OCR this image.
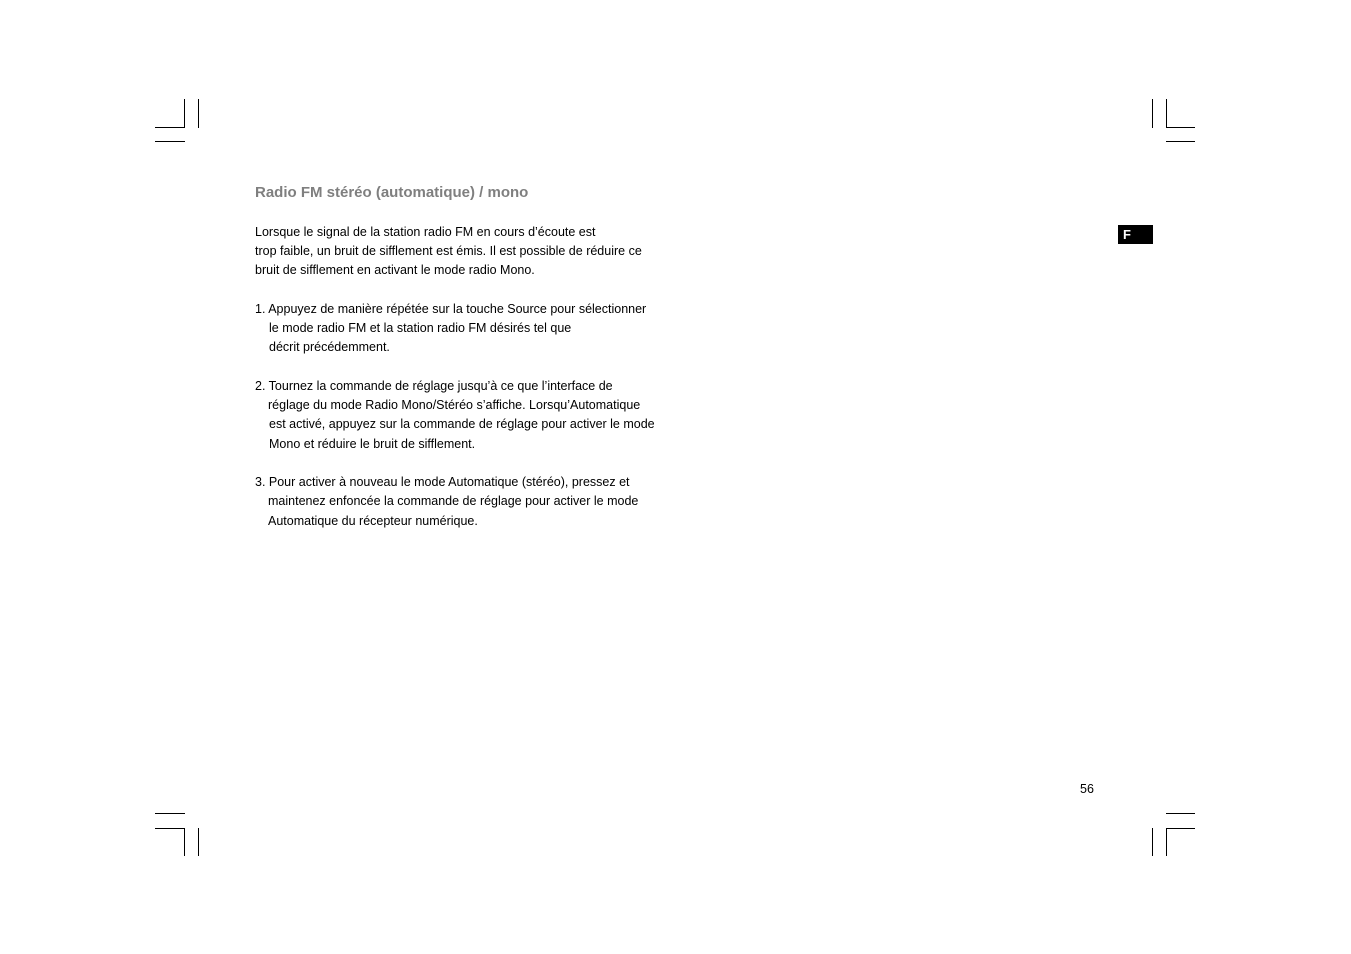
Radio FM stéréo (automatique) / mono

Lorsque le signal de la station radio FM en cours d’écoute est

trop faible, un bruit de sifflement est émis. Il est possible de réduire ce

bruit de sifflement en activant le mode radio Mono.

1. Appuyez de manière répétée sur la touche Source pour sélectionner

le mode radio FM et la station radio FM désirés tel que

décrit précédemment.

2. Tournez la commande de réglage jusqu’à ce que l’interface de

réglage du mode Radio Mono/Stéréo s’affiche. Lorsqu’Automatique

est activé, appuyez sur la commande de réglage pour activer le mode

Mono et réduire le bruit de sifflement.

3. Pour activer à nouveau le mode Automatique (stéréo), pressez et

maintenez enfoncée la commande de réglage pour activer le mode

Automatique du récepteur numérique.

F
56
